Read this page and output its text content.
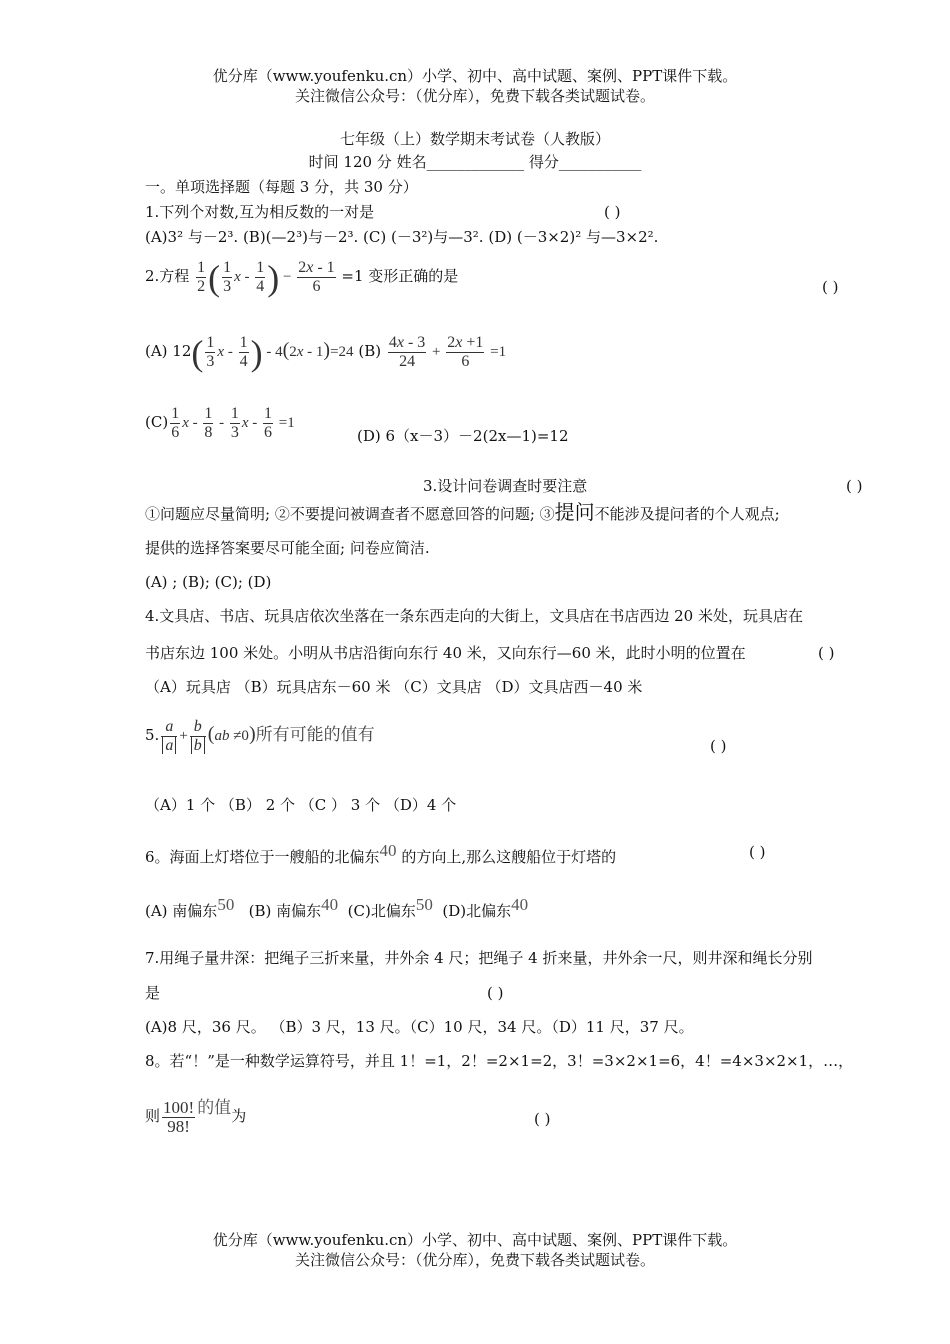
优分库（www.youfenku.cn）小学、初中、高中试题、案例、PPT课件下载。
关注微信公众号：（优分库），免费下载各类试题试卷。
七年级（上）数学期末考试卷（人教版）
时间 120 分 姓名_____________ 得分___________
一。单项选择题（每题 3 分，共 30 分）
1.下列个对数,互为相反数的一对是	( )
(A)3² 与－2³. (B)(—2³)与－2³. (C) (－3²)与—3². (D) (－3×2)² 与—3×2².
2.方程 $\frac{1}{2}$ ( $\frac{1}{3}$ x - $\frac{1}{4}$ ) − $\frac{2x - 1}{6} =1$ 变形正确的是
( )
(A) $12( \frac{1}{3}$ x - $\frac{1}{4}$ ) - 4(2x - 1)=24 $(B) \frac{4x - 3}{24} + \frac{2x +1}{6} =1$
$(C) \frac{1}{6}$ x - $\frac{1}{8} - \frac{1}{3}$ $x - \frac{1}{6} =1$
(D) 6（x－3）－2(2x—1)=12
3.设计问卷调查时要注意	( )
①问题应尽量简明; ②不要提问被调查者不愿意回答的问题; ③提问不能涉及提问者的个人观点;
提供的选择答案要尽可能全面; 问卷应简洁.
(A) ; (B); (C); (D)
4.文具店、书店、玩具店依次坐落在一条东西走向的大街上，文具店在书店西边 20 米处，玩具店在
书店东边 100 米处。小明从书店沿街向东行 40 米，又向东行—60 米，此时小明的位置在	( )
（A）玩具店 （B）玩具店东－60 米 （C）文具店 （D）文具店西－40 米
5. $\frac{a}{a} + \frac{b}{b} (ab \ne 0)$所有可能的值有
( )
（A）1 个 （B） 2 个 （C ） 3 个 （D）4 个
6。海面上灯塔位于一艘船的北偏东40 的方向上,那么这艘船位于灯塔的	( )
(A) 南偏东50 (B) 南偏东40 (C)北偏东50 (D)北偏东40
7.用绳子量井深：把绳子三折来量，井外余 4 尺；把绳子 4 折来量，井外余一尺，则井深和绳长分别
是	( )
(A)8 尺，36 尺。 （B）3 尺，13 尺。（C）10 尺，34 尺。（D）11 尺，37 尺。
8。若“！”是一种数学运算符号，并且 1！=1，2！=2×1=2，3！=3×2×1=6，4！=4×3×2×1，…，
则 $\frac{100!}{98!}$ 的值为	( )
优分库（www.youfenku.cn）小学、初中、高中试题、案例、PPT课件下载。
关注微信公众号：（优分库），免费下载各类试题试卷。
